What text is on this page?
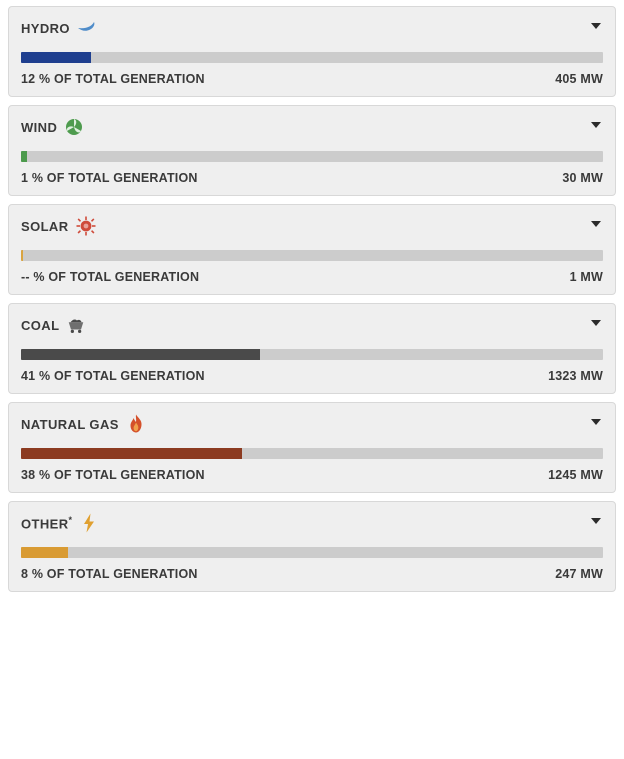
HYDRO
12 % OF TOTAL GENERATION	405 MW
WIND
1 % OF TOTAL GENERATION	30 MW
SOLAR
-- % OF TOTAL GENERATION	1 MW
COAL
41 % OF TOTAL GENERATION	1323 MW
NATURAL GAS
38 % OF TOTAL GENERATION	1245 MW
OTHER*
8 % OF TOTAL GENERATION	247 MW
